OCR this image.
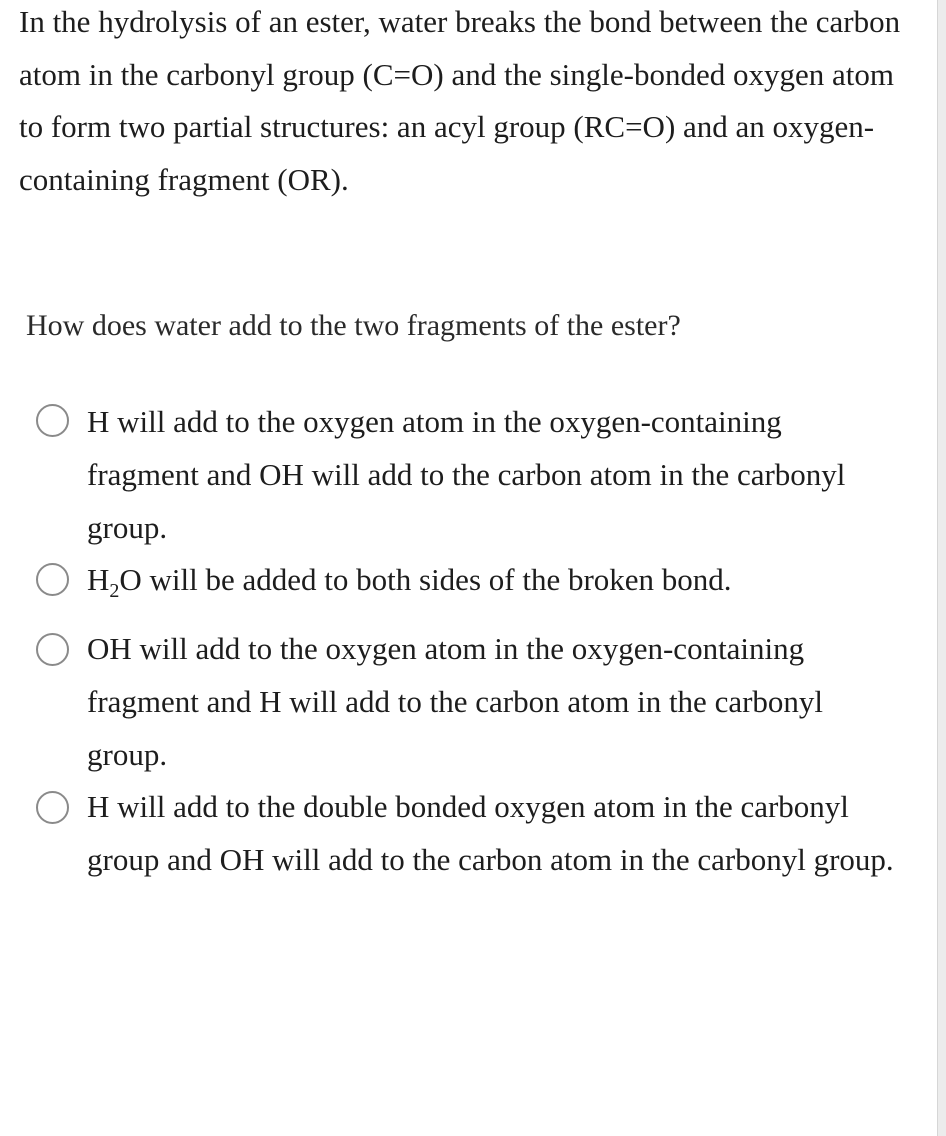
In the hydrolysis of an ester, water breaks the bond between the carbon atom in the carbonyl group (C=O) and the single-bonded oxygen atom to form two partial structures: an acyl group (RC=O) and an oxygen-containing fragment (OR).

How does water add to the two fragments of the ester?

H will add to the oxygen atom in the oxygen-containing fragment and OH will add to the carbon atom in the carbonyl group.
$H_2O$ will be added to both sides of the broken bond.
OH will add to the oxygen atom in the oxygen-containing fragment and H will add to the carbon atom in the carbonyl group.
H will add to the double bonded oxygen atom in the carbonyl group and OH will add to the carbon atom in the carbonyl group.
